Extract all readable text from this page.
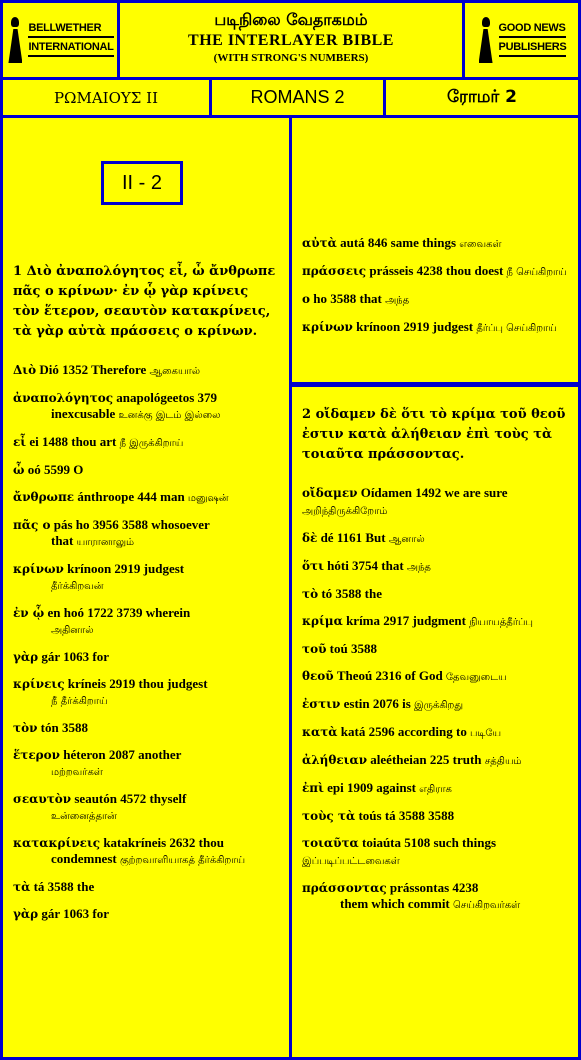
BELLWETHER
INTERNATIONAL
படிநிலை வேதாகமம்
THE INTERLAYER BIBLE
(WITH STRONG'S NUMBERS)
GOOD NEWS
PUBLISHERS
ΡΩΜΑΙΟΥΣ II	ROMANS 2	ரோமர் 2
II - 2
1 Διὸ ἀναπολόγητος εἶ, ὦ ἄνθρωπε πᾶς ο κρίνων· ἐν ᾧ γὰρ κρίνεις τὸν ἕτερον, σεαυτὸν κατακρίνεις, τὰ γὰρ αὐτὰ πράσσεις ο κρίνων.
Διὸ Dió 1352 Therefore ஆகையால்
ἀναπολόγητος anapológeetos 379
inexcusable உனக்கு இடம் இல்லை
εἶ ei 1488 thou art நீ இருக்கிறாய்
ὦ oó 5599 O
ἄνθρωπε ánthroope 444 man மனுஷன்
πᾶς ο pás ho 3956 3588 whosoever
that யாரானாலும்
κρίνων krínoon 2919 judgest
தீர்க்கிறவன்
ἐν ᾧ en hoó 1722 3739 wherein
அதினால்
γὰρ gár 1063 for
κρίνεις kríneis 2919 thou judgest
நீ தீர்க்கிறாய்
τὸν tón 3588
ἕτερον héteron 2087 another
மற்றவர்கள்
σεαυτὸν seautón 4572 thyself
உன்னைத்தான்
κατακρίνεις katakríneis 2632 thou
condemnest குற்றவாளியாகத் தீர்க்கிறாய்
τὰ tá 3588 the
γὰρ gár 1063 for
αὐτὰ autá 846 same things எவைகள்
πράσσεις prásseis 4238 thou doest நீ செய்கிறாய்
ο ho 3588 that அந்த
κρίνων krínoon 2919 judgest தீர்ப்பு செய்கிறாய்
2 οἴδαμεν δὲ ὅτι τὸ κρίμα τοῦ θεοῦ ἐστιν κατὰ ἀλήθειαν ἐπὶ τοὺς τὰ τοιαῦτα πράσσοντας.
οἴδαμεν Oídamen 1492 we are sure அறிந்திருக்கிறோம்
δὲ dé 1161 But ஆனால்
ὅτι hóti 3754 that அந்த
τὸ tó 3588 the
κρίμα kríma 2917 judgment நியாயத்தீர்ப்பு
τοῦ toú 3588
θεοῦ Theoú 2316 of God தேவனுடைய
ἐστιν estin 2076 is இருக்கிறது
κατὰ katá 2596 according to படியே
ἀλήθειαν aleétheian 225 truth சத்தியம்
ἐπὶ epi 1909 against எதிராக
τοὺς τὰ toús tá 3588 3588
τοιαῦτα toiaúta 5108 such things இப்படிப்பட்டவைகள்
πράσσοντας prássontas 4238
them which commit செய்கிறவர்கள்
